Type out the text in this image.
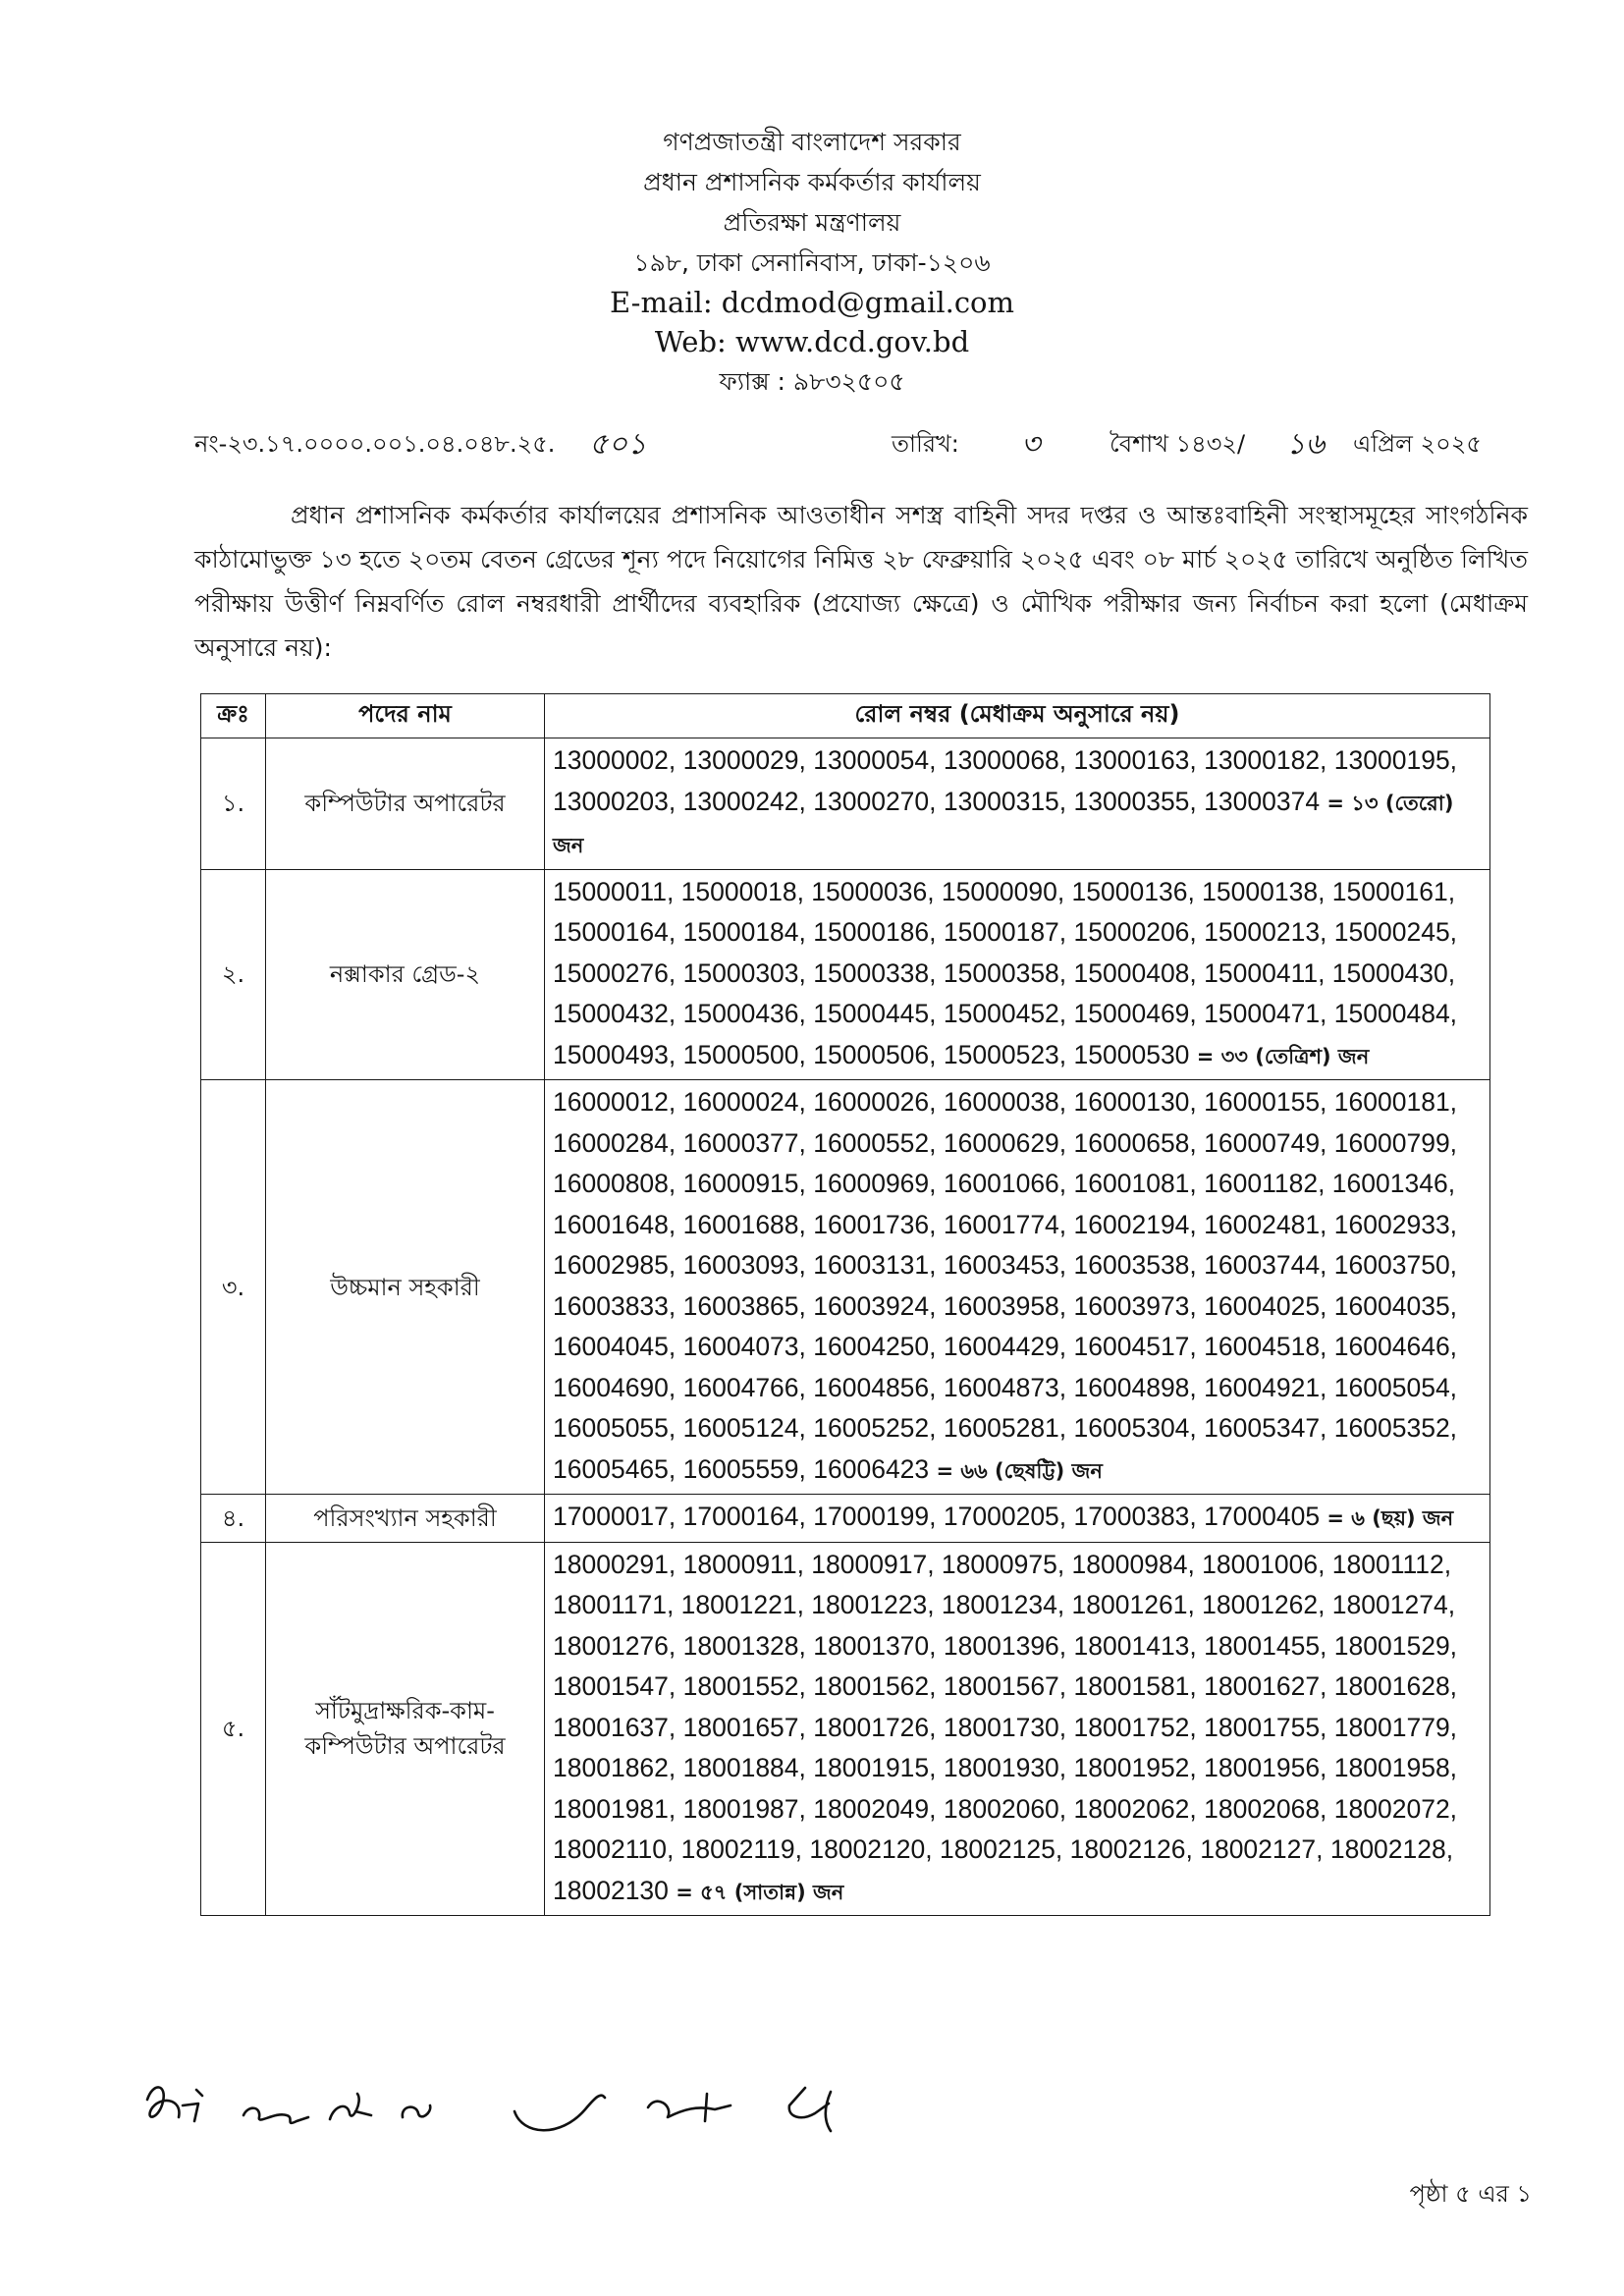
গণপ্রজাতন্ত্রী বাংলাদেশ সরকার
প্রধান প্রশাসনিক কর্মকর্তার কার্যালয়
প্রতিরক্ষা মন্ত্রণালয়
১৯৮, ঢাকা সেনানিবাস, ঢাকা-১২০৬
E-mail: dcdmod@gmail.com
Web: www.dcd.gov.bd
ফ্যাক্স : ৯৮৩২৫০৫
নং-২৩.১৭.০০০০.০০১.০৪.০৪৮.২৫. ৫০১	তারিখ: ৩	বৈশাখ ১৪৩২/ ১৬ এপ্রিল ২০২৫
প্রধান প্রশাসনিক কর্মকর্তার কার্যালয়ের প্রশাসনিক আওতাধীন সশস্ত্র বাহিনী সদর দপ্তর ও আন্তঃবাহিনী সংস্থাসমূহের সাংগঠনিক কাঠামোভুক্ত ১৩ হতে ২০তম বেতন গ্রেডের শূন্য পদে নিয়োগের নিমিত্ত ২৮ ফেব্রুয়ারি ২০২৫ এবং ০৮ মার্চ ২০২৫ তারিখে অনুষ্ঠিত লিখিত পরীক্ষায় উত্তীর্ণ নিম্নবর্ণিত রোল নম্বরধারী প্রার্থীদের ব্যবহারিক (প্রযোজ্য ক্ষেত্রে) ও মৌখিক পরীক্ষার জন্য নির্বাচন করা হলো (মেধাক্রম অনুসারে নয়):
ক্রঃ	পদের নাম	রোল নম্বর (মেধাক্রম অনুসারে নয়)
১.	কম্পিউটার অপারেটর	13000002, 13000029, 13000054, 13000068, 13000163, 13000182, 13000195, 13000203, 13000242, 13000270, 13000315, 13000355, 13000374 = ১৩ (তেরো) জন
২.	নক্সাকার গ্রেড-২	15000011, 15000018, 15000036, 15000090, 15000136, 15000138, 15000161, 15000164, 15000184, 15000186, 15000187, 15000206, 15000213, 15000245, 15000276, 15000303, 15000338, 15000358, 15000408, 15000411, 15000430, 15000432, 15000436, 15000445, 15000452, 15000469, 15000471, 15000484, 15000493, 15000500, 15000506, 15000523, 15000530 = ৩৩ (তেত্রিশ) জন
৩.	উচ্চমান সহকারী	16000012, 16000024, 16000026, 16000038, 16000130, 16000155, 16000181, 16000284, 16000377, 16000552, 16000629, 16000658, 16000749, 16000799, 16000808, 16000915, 16000969, 16001066, 16001081, 16001182, 16001346, 16001648, 16001688, 16001736, 16001774, 16002194, 16002481, 16002933, 16002985, 16003093, 16003131, 16003453, 16003538, 16003744, 16003750, 16003833, 16003865, 16003924, 16003958, 16003973, 16004025, 16004035, 16004045, 16004073, 16004250, 16004429, 16004517, 16004518, 16004646, 16004690, 16004766, 16004856, 16004873, 16004898, 16004921, 16005054, 16005055, 16005124, 16005252, 16005281, 16005304, 16005347, 16005352, 16005465, 16005559, 16006423 = ৬৬ (ছেষট্টি) জন
৪.	পরিসংখ্যান সহকারী	17000017, 17000164, 17000199, 17000205, 17000383, 17000405 = ৬ (ছয়) জন
৫.	সাঁটমুদ্রাক্ষরিক-কাম-কম্পিউটার অপারেটর	18000291, 18000911, 18000917, 18000975, 18000984, 18001006, 18001112, 18001171, 18001221, 18001223, 18001234, 18001261, 18001262, 18001274, 18001276, 18001328, 18001370, 18001396, 18001413, 18001455, 18001529, 18001547, 18001552, 18001562, 18001567, 18001581, 18001627, 18001628, 18001637, 18001657, 18001726, 18001730, 18001752, 18001755, 18001779, 18001862, 18001884, 18001915, 18001930, 18001952, 18001956, 18001958, 18001981, 18001987, 18002049, 18002060, 18002062, 18002068, 18002072, 18002110, 18002119, 18002120, 18002125, 18002126, 18002127, 18002128, 18002130 = ৫৭ (সাতান্ন) জন
পৃষ্ঠা ৫ এর ১
